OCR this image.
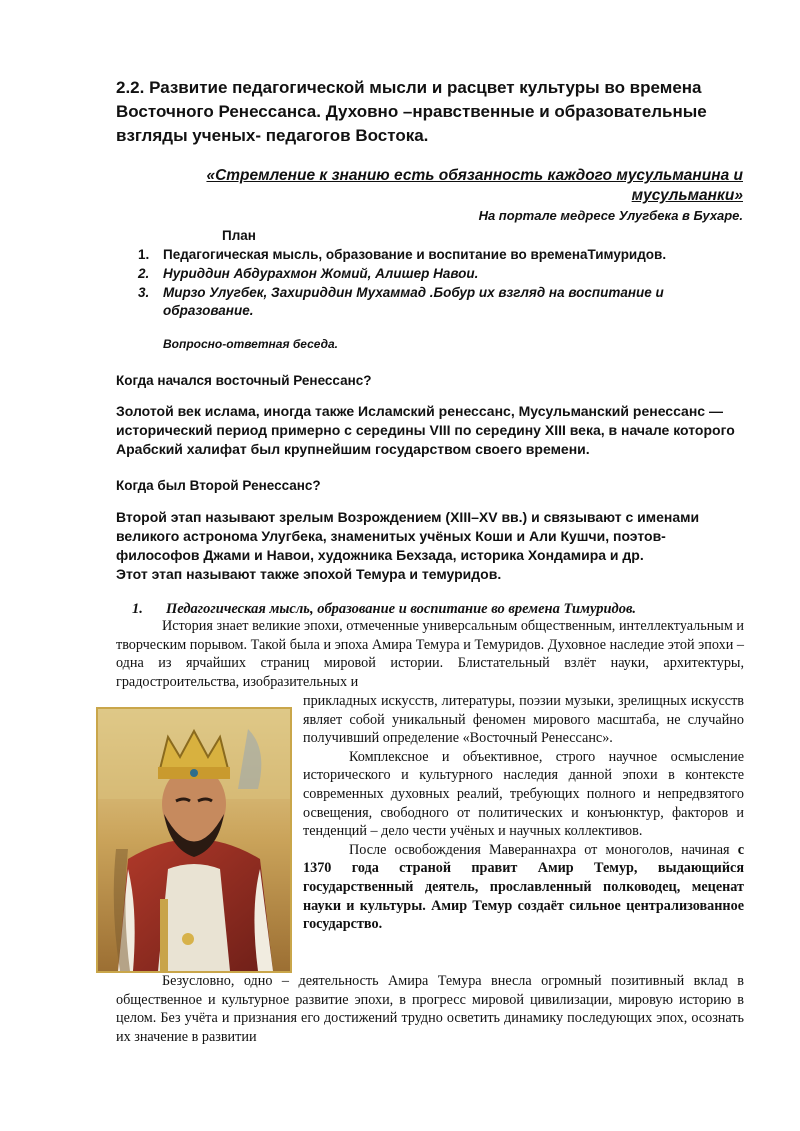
2.2. Развитие педагогической мысли и расцвет культуры во времена
Восточного Ренессанса. Духовно –нравственные и образовательные
взгляды ученых- педагогов Востока.
«Стремление к знанию есть обязанность каждого мусульманина и мусульманки»
На портале медресе Улугбека в Бухаре.
План
1.	Педагогическая мысль, образование и воспитание во временаТимуридов.
2.	Нуриддин Абдурахмон Жомий, Алишер Навои.
3.	Мирзо Улугбек, Захириддин Мухаммад .Бобур их взгляд на воспитание и образование.
Вопросно-ответная беседа.
Когда начался восточный Ренессанс?
Золотой век ислама, иногда также Исламский ренессанс, Мусульманский ренессанс — исторический период примерно с середины VIII по середину XIII века, в начале которого Арабский халифат был крупнейшим государством своего времени.
Когда был Второй Ренессанс?
Второй этап называют зрелым Возрождением (XIII–XV вв.) и связывают с именами великого астронома Улугбека, знаменитых учёных Коши и Али Кушчи, поэтов-философов Джами и Навои, художника Бехзада, историка Хондамира и др.
Этот этап называют также эпохой Темура и темуридов.
1. Педагогическая мысль, образование и воспитание во времена Тимуридов.

История знает великие эпохи, отмеченные универсальным общественным, интеллектуальным и творческим порывом. Такой была и эпоха Амира Темура и Темуридов. Духовное наследие этой эпохи – одна из ярчайших страниц мировой истории. Блистательный взлёт науки, архитектуры, градостроительства, изобразительных и

прикладных искусств, литературы, поэзии музыки, зрелищных искусств являет собой уникальный феномен мирового масштаба, не случайно получивший определение «Восточный Ренессанс».

Комплексное и объективное, строго научное осмысление исторического и культурного наследия данной эпохи в контексте современных духовных реалий, требующих полного и непредвзятого освещения, свободного от политических и конъюнктур, факторов и тенденций – дело чести учёных и научных коллективов.

После освобождения Мавераннахра от моноголов, начиная с 1370 года страной правит Амир Темур, выдающийся государственный деятель, прославленный полководец, меценат науки и культуры. Амир Темур создаёт сильное централизованное государство.

Безусловно, одно – деятельность Амира Темура внесла огромный позитивный вклад в общественное и культурное развитие эпохи, в прогресс мировой цивилизации, мировую историю в целом. Без учёта и признания его достижений трудно осветить динамику последующих эпох, осознать их значение в развитии
